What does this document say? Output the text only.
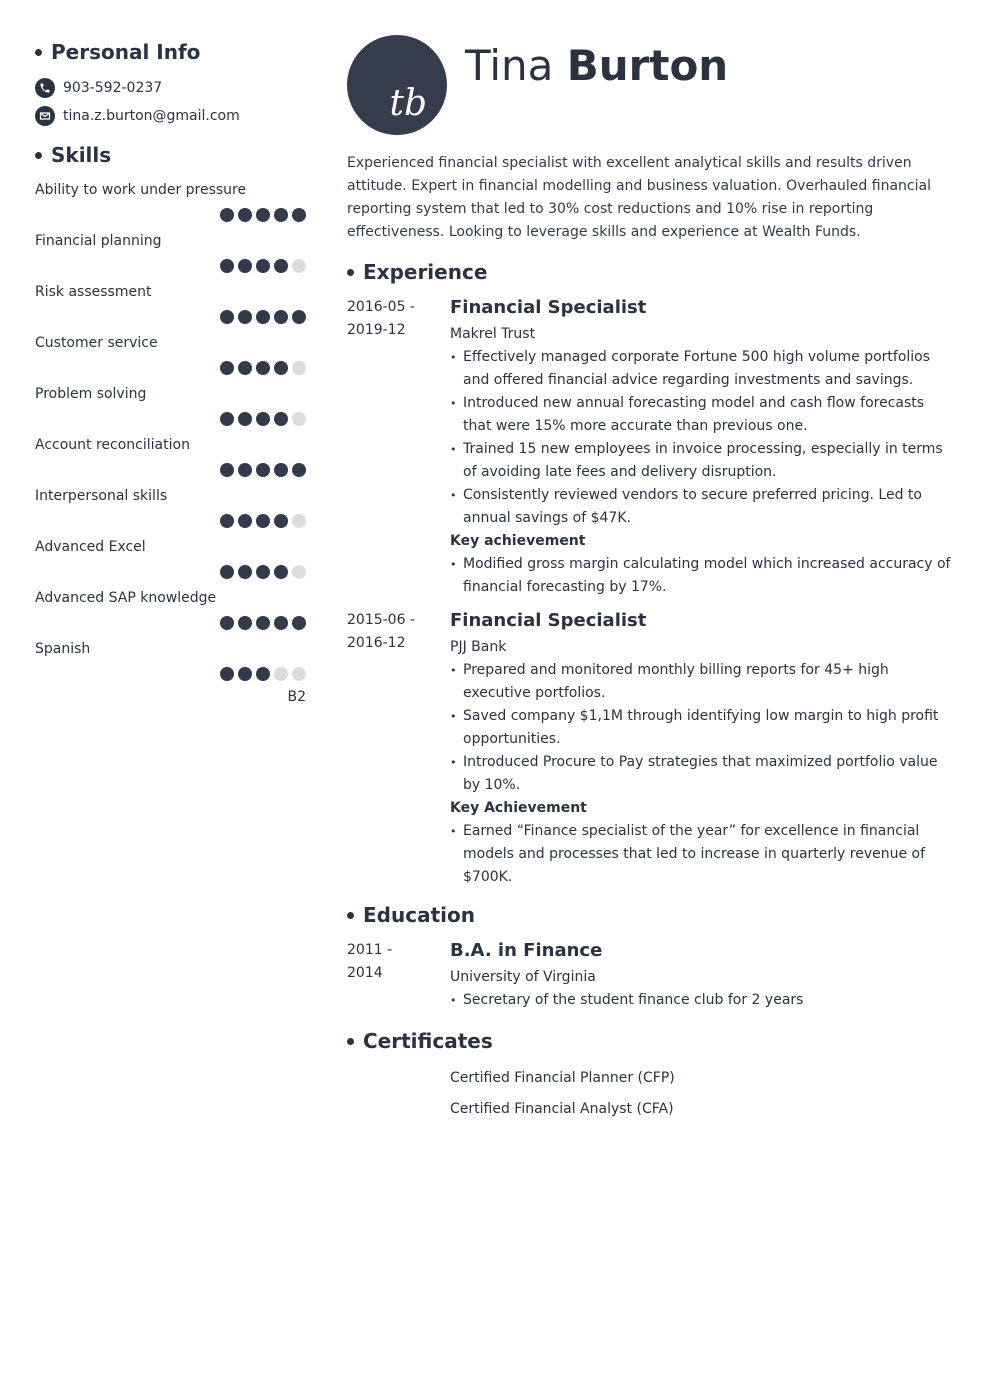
Personal Info
903-592-0237
tina.z.burton@gmail.com
Skills
Ability to work under pressure
Financial planning
Risk assessment
Customer service
Problem solving
Account reconciliation
Interpersonal skills
Advanced Excel
Advanced SAP knowledge
Spanish
B2
tb
Tina Burton

Experienced financial specialist with excellent analytical skills and results driven attitude. Expert in financial modelling and business valuation. Overhauled financial reporting system that led to 30% cost reductions and 10% rise in reporting effectiveness. Looking to leverage skills and experience at Wealth Funds.

Experience
2016-05 -
2019-12
Financial Specialist
Makrel Trust
• Effectively managed corporate Fortune 500 high volume portfolios and offered financial advice regarding investments and savings.
• Introduced new annual forecasting model and cash flow forecasts that were 15% more accurate than previous one.
• Trained 15 new employees in invoice processing, especially in terms of avoiding late fees and delivery disruption.
• Consistently reviewed vendors to secure preferred pricing. Led to annual savings of $47K.
Key achievement
• Modified gross margin calculating model which increased accuracy of financial forecasting by 17%.
2015-06 -
2016-12
Financial Specialist
PJJ Bank
• Prepared and monitored monthly billing reports for 45+ high executive portfolios.
• Saved company $1,1M through identifying low margin to high profit opportunities.
• Introduced Procure to Pay strategies that maximized portfolio value by 10%.
Key Achievement
• Earned “Finance specialist of the year” for excellence in financial models and processes that led to increase in quarterly revenue of $700K.
Education
2011 -
2014
B.A. in Finance
University of Virginia
• Secretary of the student finance club for 2 years
Certificates
Certified Financial Planner (CFP)
Certified Financial Analyst (CFA)
